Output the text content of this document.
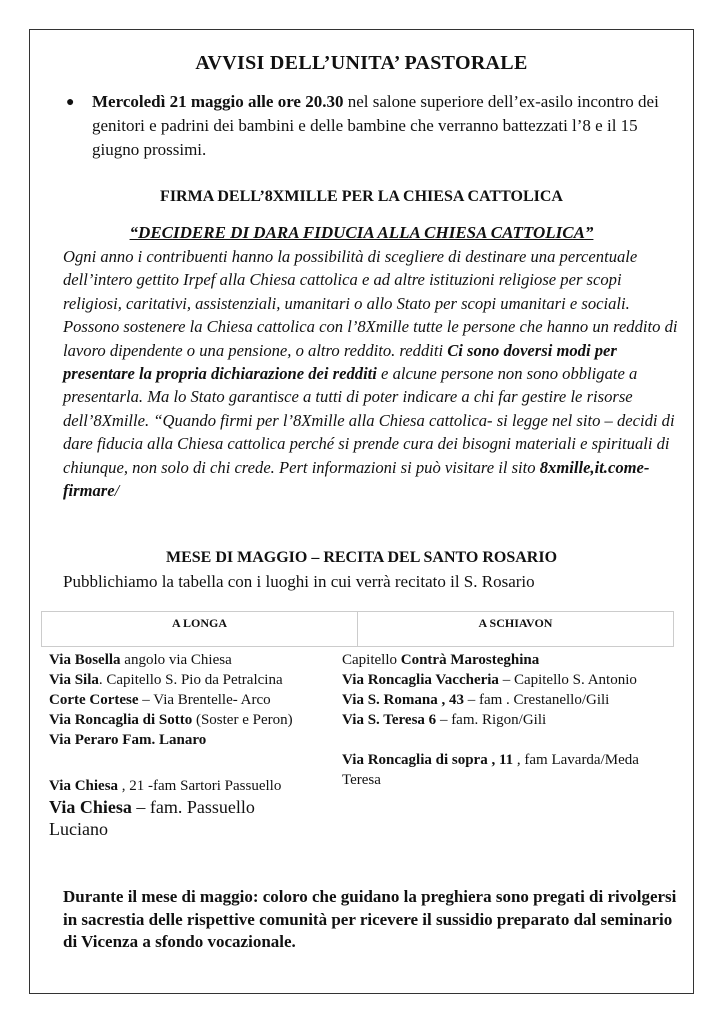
AVVISI DELL’UNITA’ PASTORALE
● Mercoledì 21 maggio alle ore 20.30 nel salone superiore dell’ex-asilo incontro dei genitori e padrini dei bambini e delle bambine che verranno battezzati l’8 e il 15 giugno prossimi.

FIRMA DELL’8XMILLE PER LA CHIESA CATTOLICA
“DECIDERE DI DARA FIDUCIA ALLA CHIESA CATTOLICA”

Ogni anno i contribuenti hanno la possibilità di scegliere di destinare una percentuale dell’intero gettito Irpef alla Chiesa cattolica e ad altre istituzioni religiose per scopi religiosi, caritativi, assistenziali, umanitari o allo Stato per scopi umanitari e sociali. Possono sostenere la Chiesa cattolica con l’8Xmille tutte le persone che hanno un reddito di lavoro dipendente o una pensione, o altro reddito. redditi Ci sono doversi modi per presentare la propria dichiarazione dei redditi e alcune persone non sono obbligate a presentarla. Ma lo Stato garantisce a tutti di poter indicare a chi far gestire le risorse dell’8Xmille. “Quando firmi per l’8Xmille alla Chiesa cattolica- si legge nel sito – decidi di dare fiducia alla Chiesa cattolica perché si prende cura dei bisogni materiali e spirituali di chiunque, non solo di chi crede. Pert informazioni si può visitare il sito 8xmille,it.come-firmare/

MESE DI MAGGIO – RECITA DEL SANTO ROSARIO
Pubblichiamo la tabella con i luoghi in cui verrà recitato il S. Rosario
A LONGA	A SCHIAVON

Via Bosella angolo via Chiesa

Via Sila. Capitello S. Pio da Petralcina

Corte Cortese – Via Brentelle- Arco

Via Roncaglia di Sotto (Soster e Peron)

Via Peraro Fam. Lanaro

Via Chiesa , 21 -fam Sartori Passuello

Via Chiesa – fam. Passuello Luciano

Capitello Contrà Marosteghina

Via Roncaglia Vaccheria – Capitello S. Antonio

Via S. Romana , 43 – fam . Crestanello/Gili

Via S. Teresa 6 – fam. Rigon/Gili

Via Roncaglia di sopra , 11 , fam Lavarda/Meda Teresa

Durante il mese di maggio: coloro che guidano la preghiera sono pregati di rivolgersi in sacrestia delle rispettive comunità per ricevere il sussidio preparato dal seminario di Vicenza a sfondo vocazionale.
